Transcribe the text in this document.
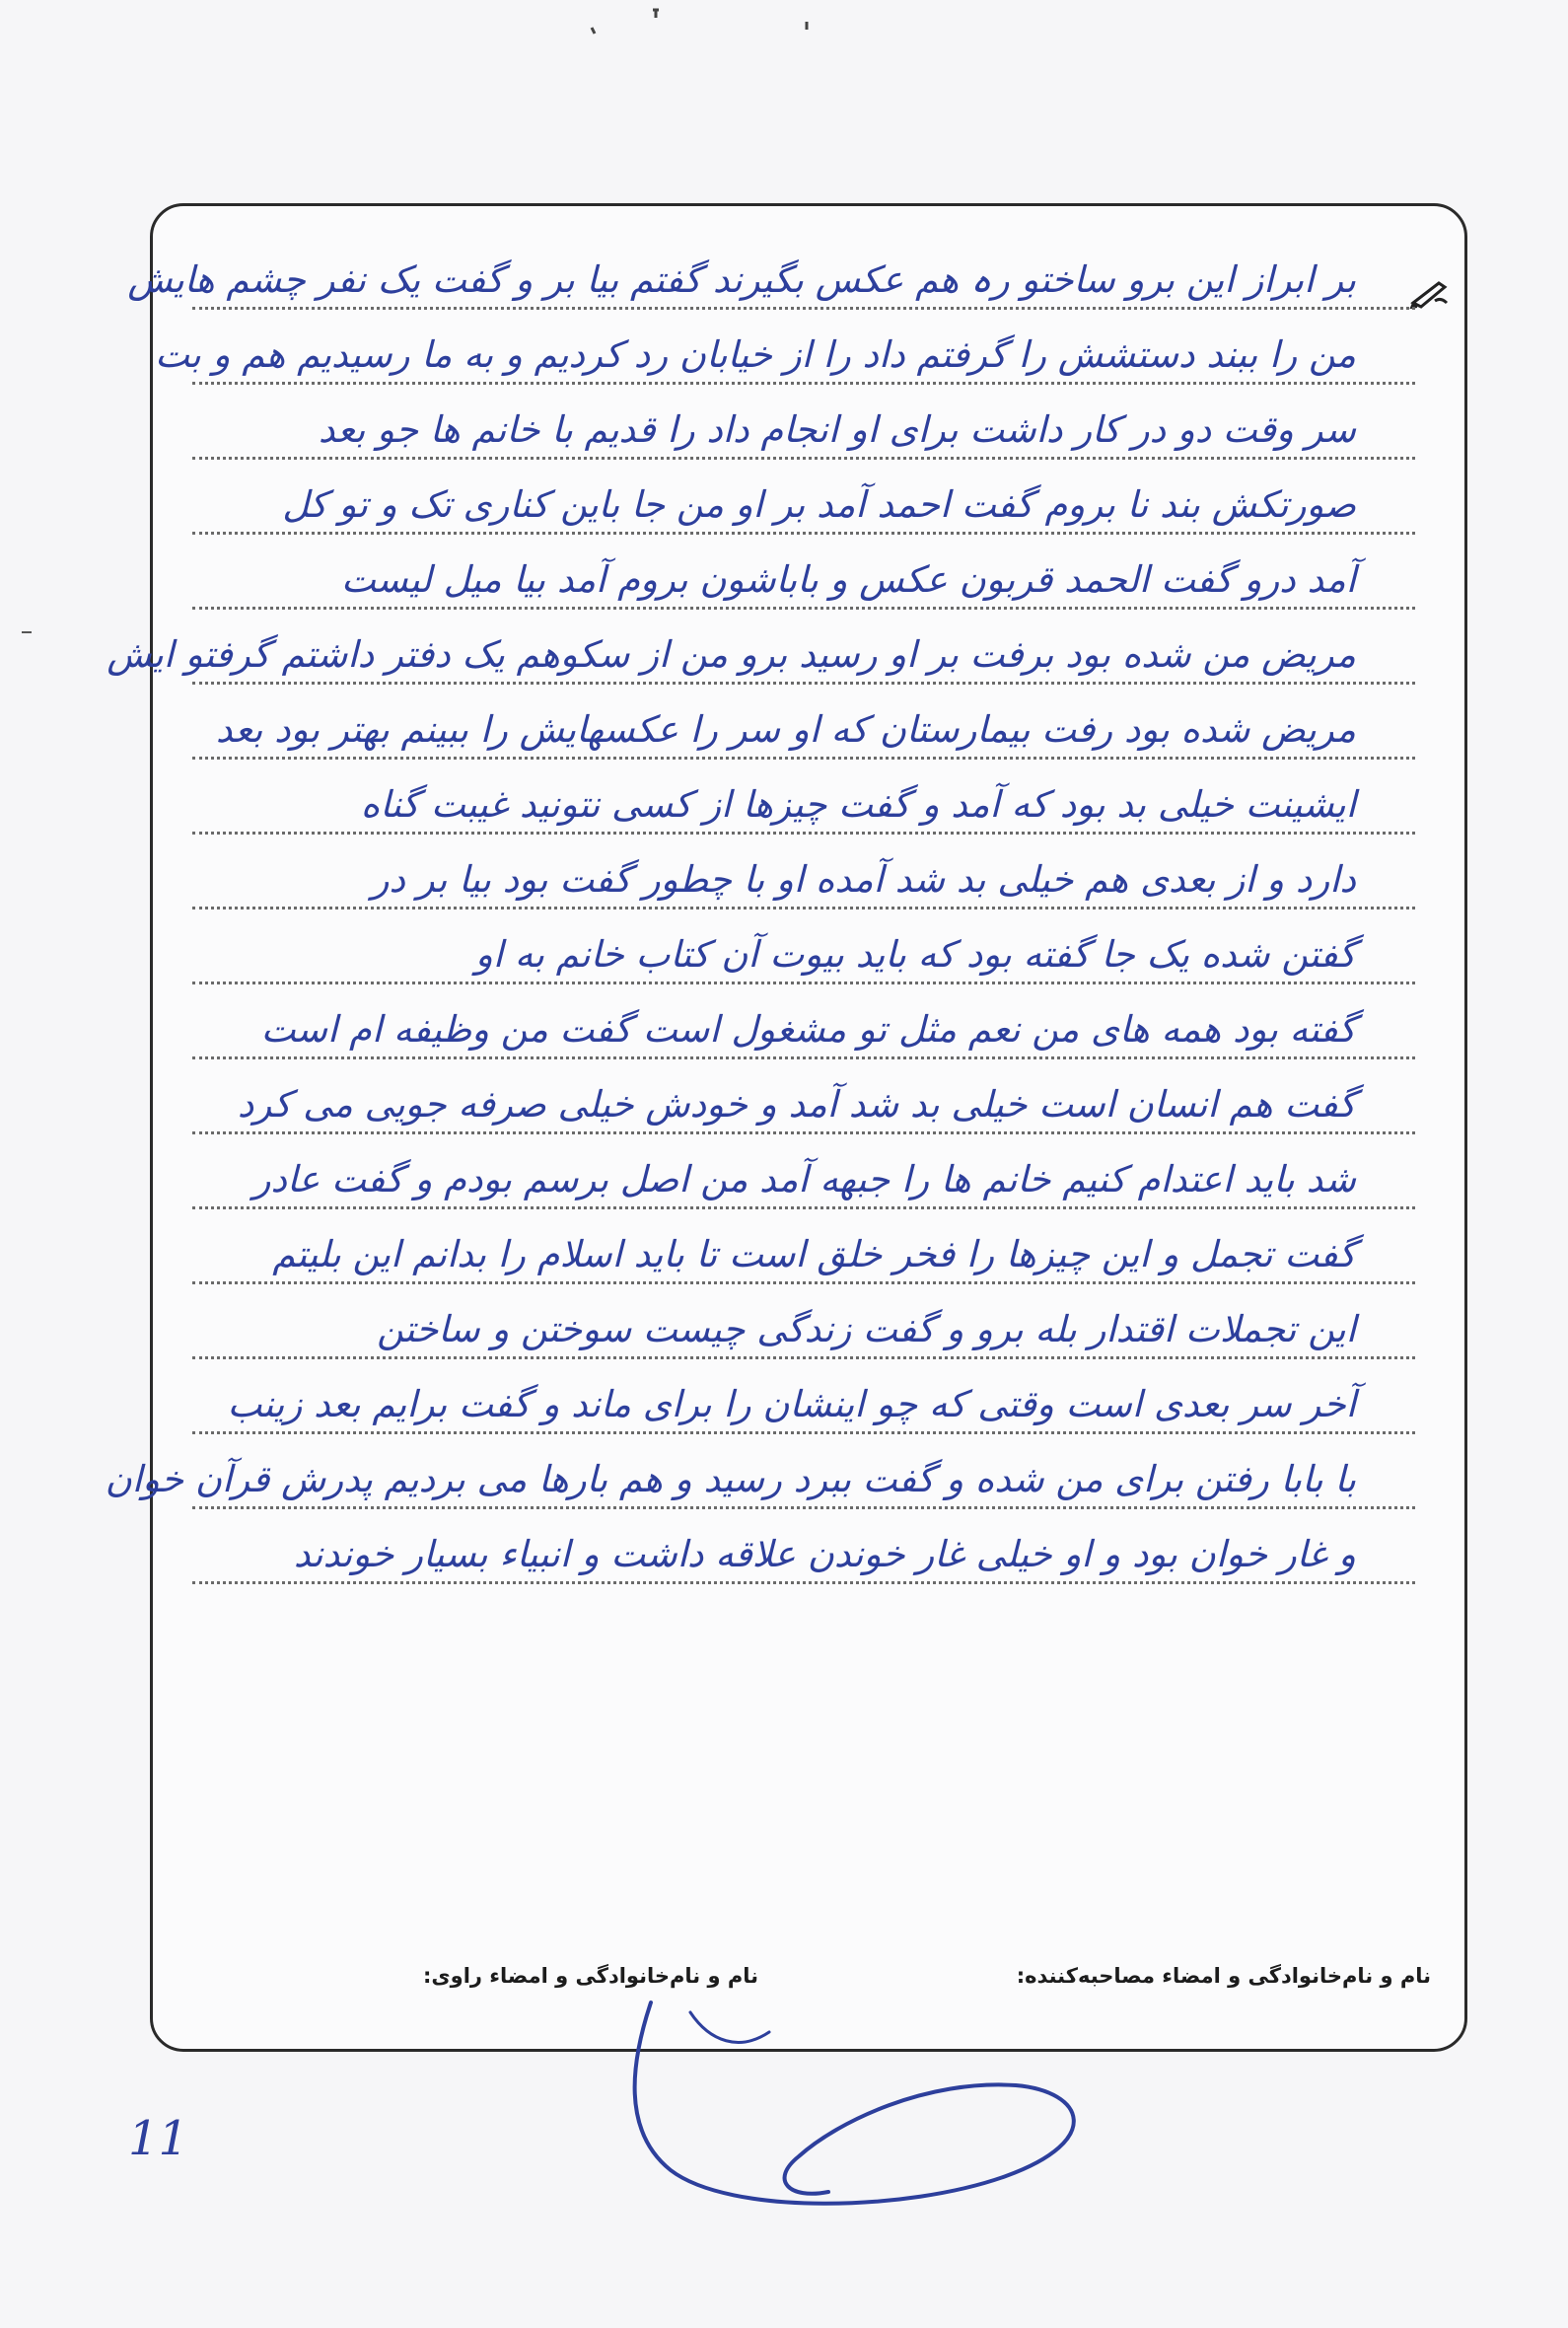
بر ابراز این برو ساختو رہ هم عکس بگیرند گفتم بیا بر و گفت یک نفر چشم هایش
من را ببند دستشش را گرفتم داد را از خیابان رد کردیم و به ما رسیدیم هم و بت
سر وقت دو در کار داشت برای او انجام داد را قدیم با خانم ها جو بعد
صورتکش بند نا بروم گفت احمد آمد بر او من جا باین کناری تک و تو کل
آمد درو گفت الحمد قربون عکس و باباشون بروم آمد بیا میل لیست
مریض من شده بود برفت بر او رسید برو من از سکوهم یک دفتر داشتم گرفتو ایش
مریض شده بود رفت بیمارستان که او سر را عکسهایش را ببینم بهتر بود بعد
ایشینت خیلی بد بود که آمد و گفت چیزها از کسی نتونید غیبت گناه
دارد و از بعدی هم خیلی بد شد آمده او با چطور گفت بود بیا بر در
گفتن شده یک جا گفته بود که باید بیوت آن کتاب خانم به او
گفته بود همه های من نعم مثل تو مشغول است گفت من وظیفه ام است
گفت هم انسان است خیلی بد شد آمد و خودش خیلی صرفه جویی می کرد
شد باید اعتدام کنیم خانم ها را جبهه آمد من اصل برسم بودم و گفت عادر
گفت تجمل و این چیزها را فخر خلق است تا باید اسلام را بدانم این بلیتم
این تجملات اقتدار بله برو و گفت زندگی چیست سوختن و ساختن
آخر سر بعدی است وقتی که چو اینشان را برای ماند و گفت برایم بعد زینب
با بابا رفتن برای من شده و گفت ببرد رسید و هم بارها می بردیم پدرش قرآن خوان
و غار خوان بود و او خیلی غار خوندن علاقه داشت و انبیاء بسیار خوندند
نام و نام‌خانوادگی و امضاء مصاحبه‌کننده:
نام و نام‌خانوادگی و امضاء راوی:
11
